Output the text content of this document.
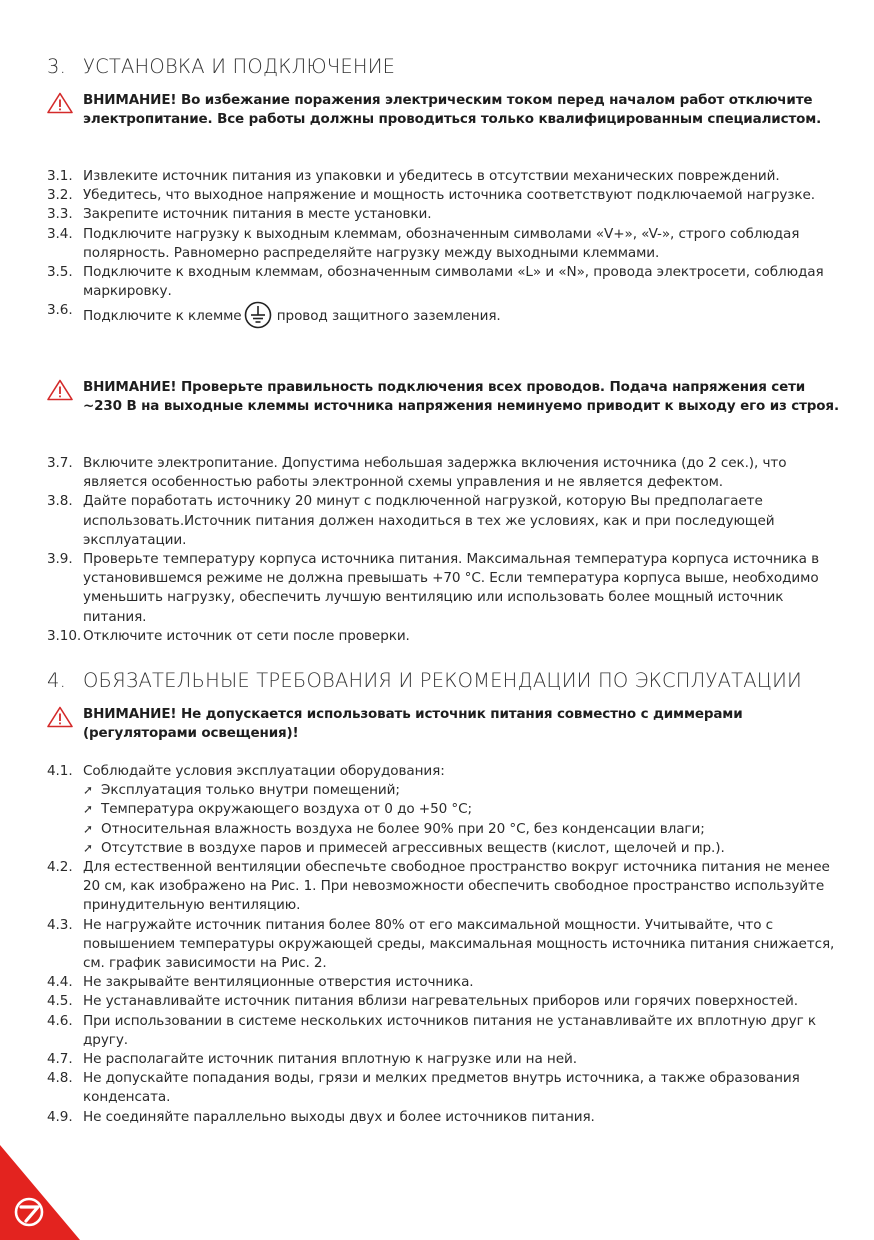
3. УСТАНОВКА И ПОДКЛЮЧЕНИЕ
ВНИМАНИЕ! Во избежание поражения электрическим током перед началом работ отключите электропитание. Все работы должны проводиться только квалифицированным специалистом.
3.1. Извлеките источник питания из упаковки и убедитесь в отсутствии механических повреждений.
3.2. Убедитесь, что выходное напряжение и мощность источника соответствуют подключаемой нагрузке.
3.3. Закрепите источник питания в месте установки.
3.4. Подключите нагрузку к выходным клеммам, обозначенным символами «V+», «V-», строго соблюдая полярность. Равномерно распределяйте нагрузку между выходными клеммами.
3.5. Подключите к входным клеммам, обозначенным символами «L» и «N», провода электросети, соблюдая маркировку.
3.6. Подключите к клемме	провод защитного заземления.
ВНИМАНИЕ! Проверьте правильность подключения всех проводов. Подача напряжения сети ~230 В на выходные клеммы источника напряжения неминуемо приводит к выходу его из строя.
3.7. Включите электропитание. Допустима небольшая задержка включения источника (до 2 сек.), что является особенностью работы электронной схемы управления и не является дефектом.
3.8. Дайте поработать источнику 20 минут с подключенной нагрузкой, которую Вы предполагаете использовать.Источник питания должен находиться в тех же условиях, как и при последующей эксплуатации.
3.9. Проверьте температуру корпуса источника питания. Максимальная температура корпуса источника в установившемся режиме не должна превышать +70 °С. Если температура корпуса выше, необходимо уменьшить нагрузку, обеспечить лучшую вентиляцию или использовать более мощный источник питания.
3.10. Отключите источник от сети после проверки.
4. ОБЯЗАТЕЛЬНЫЕ ТРЕБОВАНИЯ И РЕКОМЕНДАЦИИ ПО ЭКСПЛУАТАЦИИ
ВНИМАНИЕ! Не допускается использовать источник питания совместно с диммерами (регуляторами освещения)!
4.1. Соблюдайте условия эксплуатации оборудования:
➚ Эксплуатация только внутри помещений;
➚ Температура окружающего воздуха от 0 до +50 °С;
➚ Относительная влажность воздуха не более 90% при 20 °С, без конденсации влаги;
➚ Отсутствие в воздухе паров и примесей агрессивных веществ (кислот, щелочей и пр.).
4.2. Для естественной вентиляции обеспечьте свободное пространство вокруг источника питания не менее 20 см, как изображено на Рис. 1. При невозможности обеспечить свободное пространство используйте принудительную вентиляцию.
4.3. Не нагружайте источник питания более 80% от его максимальной мощности. Учитывайте, что с повышением температуры окружающей среды, максимальная мощность источника питания снижается, см. график зависимости на Рис. 2.
4.4. Не закрывайте вентиляционные отверстия источника.
4.5. Не устанавливайте источник питания вблизи нагревательных приборов или горячих поверхностей.
4.6. При использовании в системе нескольких источников питания не устанавливайте их вплотную друг к другу.
4.7. Не располагайте источник питания вплотную к нагрузке или на ней.
4.8. Не допускайте попадания воды, грязи и мелких предметов внутрь источника, а также образования конденсата.
4.9. Не соединяйте параллельно выходы двух и более источников питания.
